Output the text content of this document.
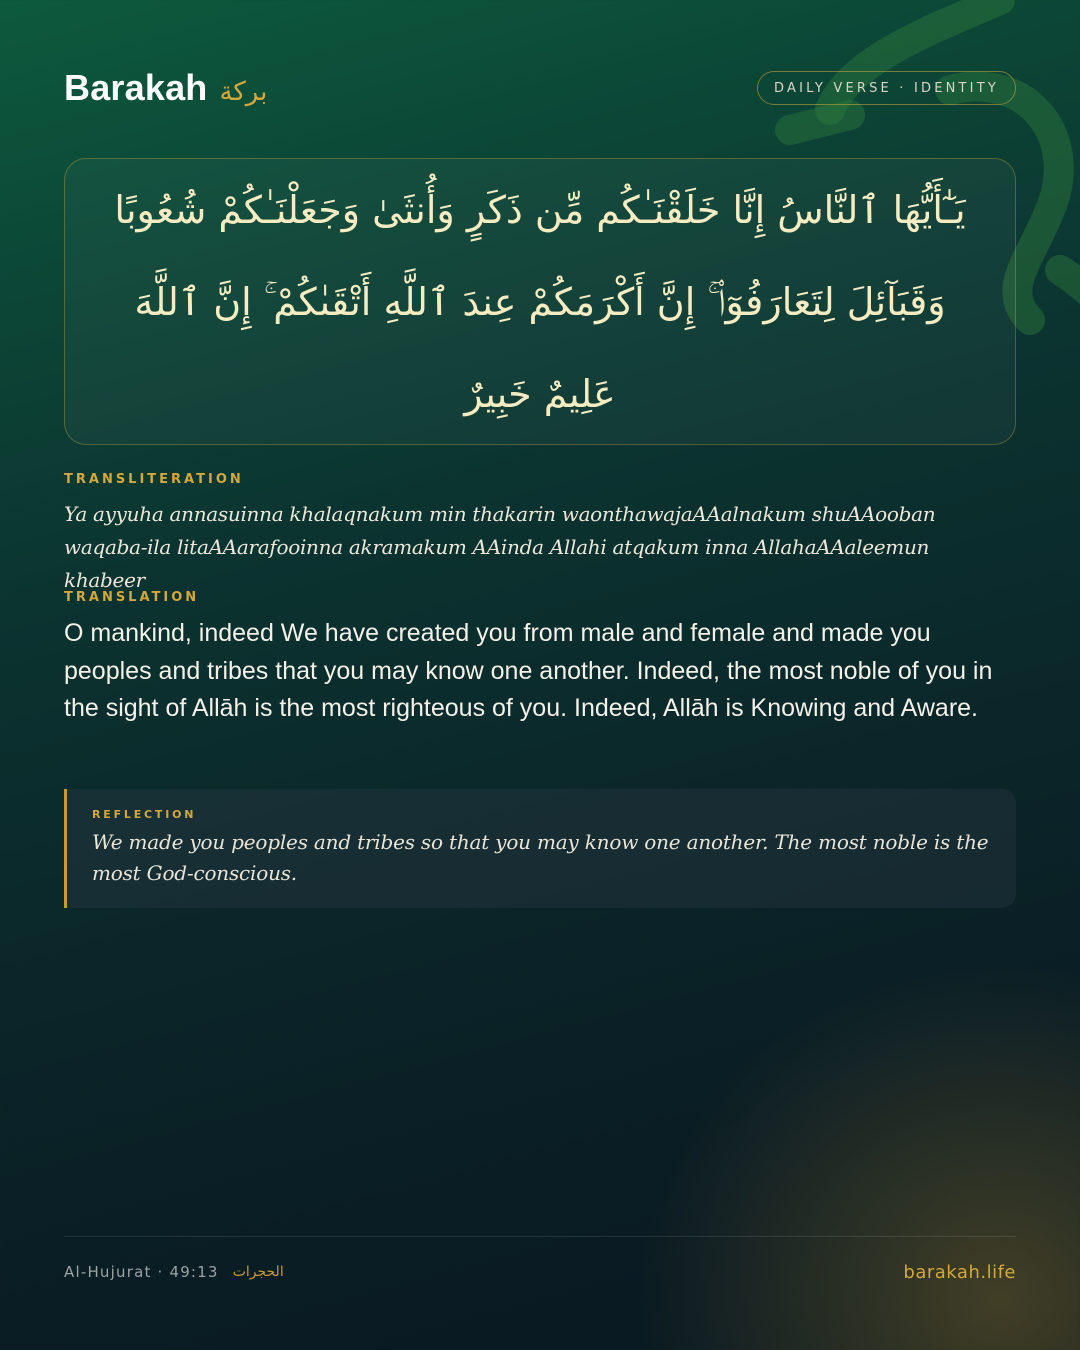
Barakah بركة	DAILY VERSE · IDENTITY
يَـٰٓأَيُّهَا ٱلنَّاسُ إِنَّا خَلَقْنَـٰكُم مِّن ذَكَرٍ وَأُنثَىٰ وَجَعَلْنَـٰكُمْ شُعُوبًا
وَقَبَآئِلَ لِتَعَارَفُوٓا۟ ۚ إِنَّ أَكْرَمَكُمْ عِندَ ٱللَّهِ أَتْقَىٰكُمْ ۚ إِنَّ ٱللَّهَ عَلِيمٌ خَبِيرٌ
TRANSLITERATION
Ya ayyuha annasuinna khalaqnakum min thakarin waonthawajaAAalnakum shuAAooban waqaba-ila litaAAarafooinna akramakum AAinda Allahi atqakum inna AllahaAAaleemun khabeer
TRANSLATION
O mankind, indeed We have created you from male and female and made you peoples and tribes that you may know one another. Indeed, the most noble of you in the sight of Allāh is the most righteous of you. Indeed, Allāh is Knowing and Aware.
REFLECTION
We made you peoples and tribes so that you may know one another. The most noble is the most God-conscious.
Al-Hujurat · 49:13 الحجرات	barakah.life
